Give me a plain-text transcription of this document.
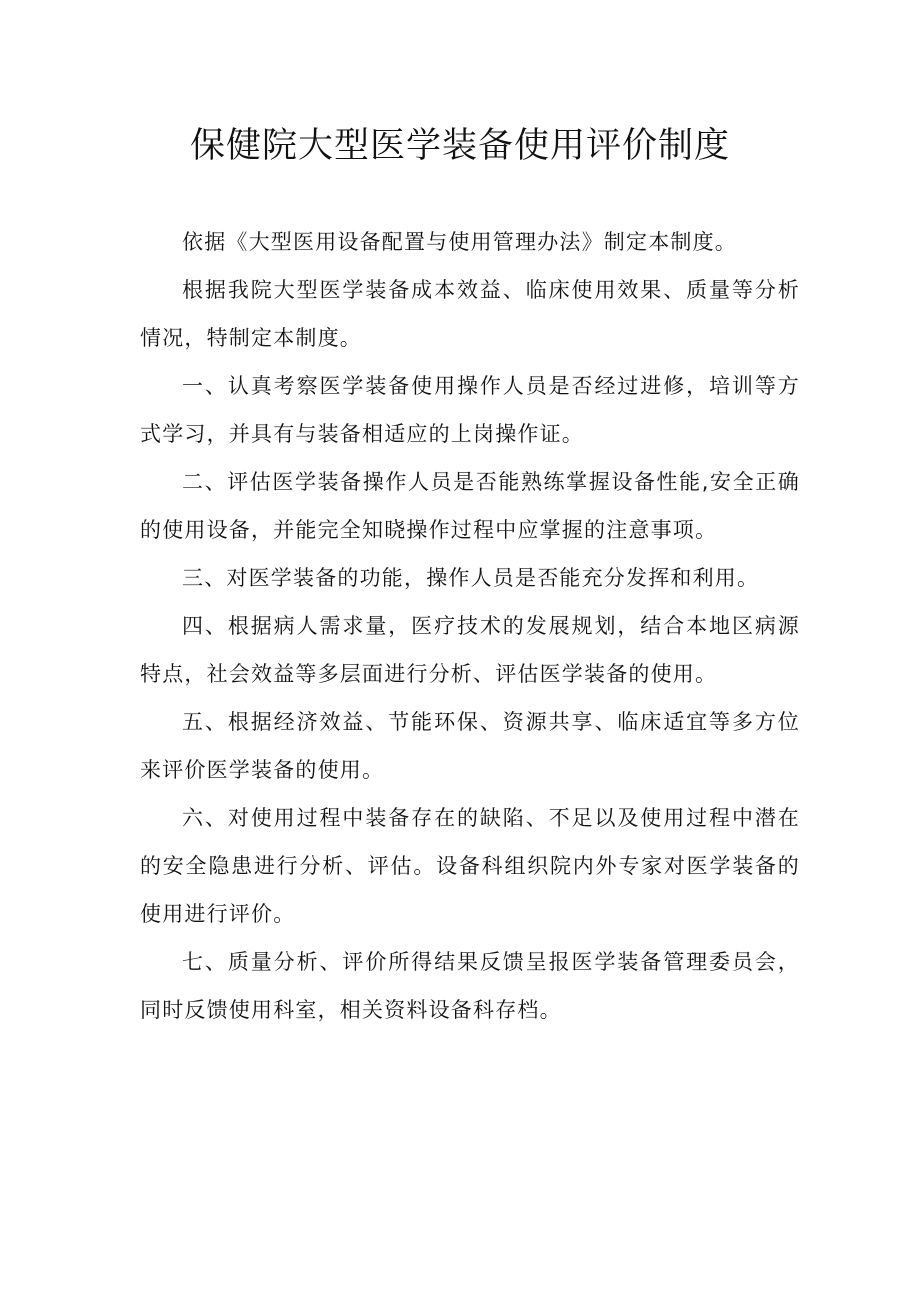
保健院大型医学装备使用评价制度

依据《大型医用设备配置与使用管理办法》制定本制度。

根据我院大型医学装备成本效益、临床使用效果、质量等分析情况，特制定本制度。

一、认真考察医学装备使用操作人员是否经过进修，培训等方式学习，并具有与装备相适应的上岗操作证。

二、评估医学装备操作人员是否能熟练掌握设备性能,安全正确的使用设备，并能完全知晓操作过程中应掌握的注意事项。

三、对医学装备的功能，操作人员是否能充分发挥和利用。

四、根据病人需求量，医疗技术的发展规划，结合本地区病源特点，社会效益等多层面进行分析、评估医学装备的使用。

五、根据经济效益、节能环保、资源共享、临床适宜等多方位来评价医学装备的使用。

六、对使用过程中装备存在的缺陷、不足以及使用过程中潜在的安全隐患进行分析、评估。设备科组织院内外专家对医学装备的使用进行评价。

七、质量分析、评价所得结果反馈呈报医学装备管理委员会，同时反馈使用科室，相关资料设备科存档。
